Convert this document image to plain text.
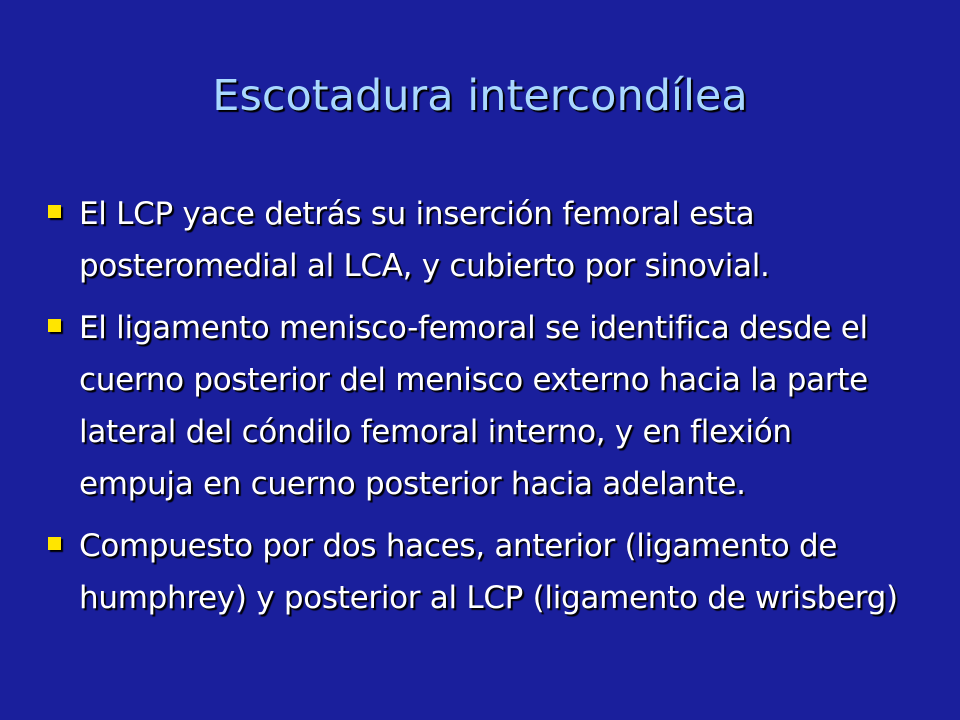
Escotadura intercondílea
El LCP yace detrás su inserción femoral esta posteromedial al LCA, y cubierto por sinovial.
El ligamento menisco-femoral se identifica desde el cuerno posterior del menisco externo hacia la parte lateral del cóndilo femoral interno, y en flexión empuja en cuerno posterior hacia adelante.
Compuesto por dos haces, anterior (ligamento de humphrey) y posterior al LCP (ligamento de wrisberg)
